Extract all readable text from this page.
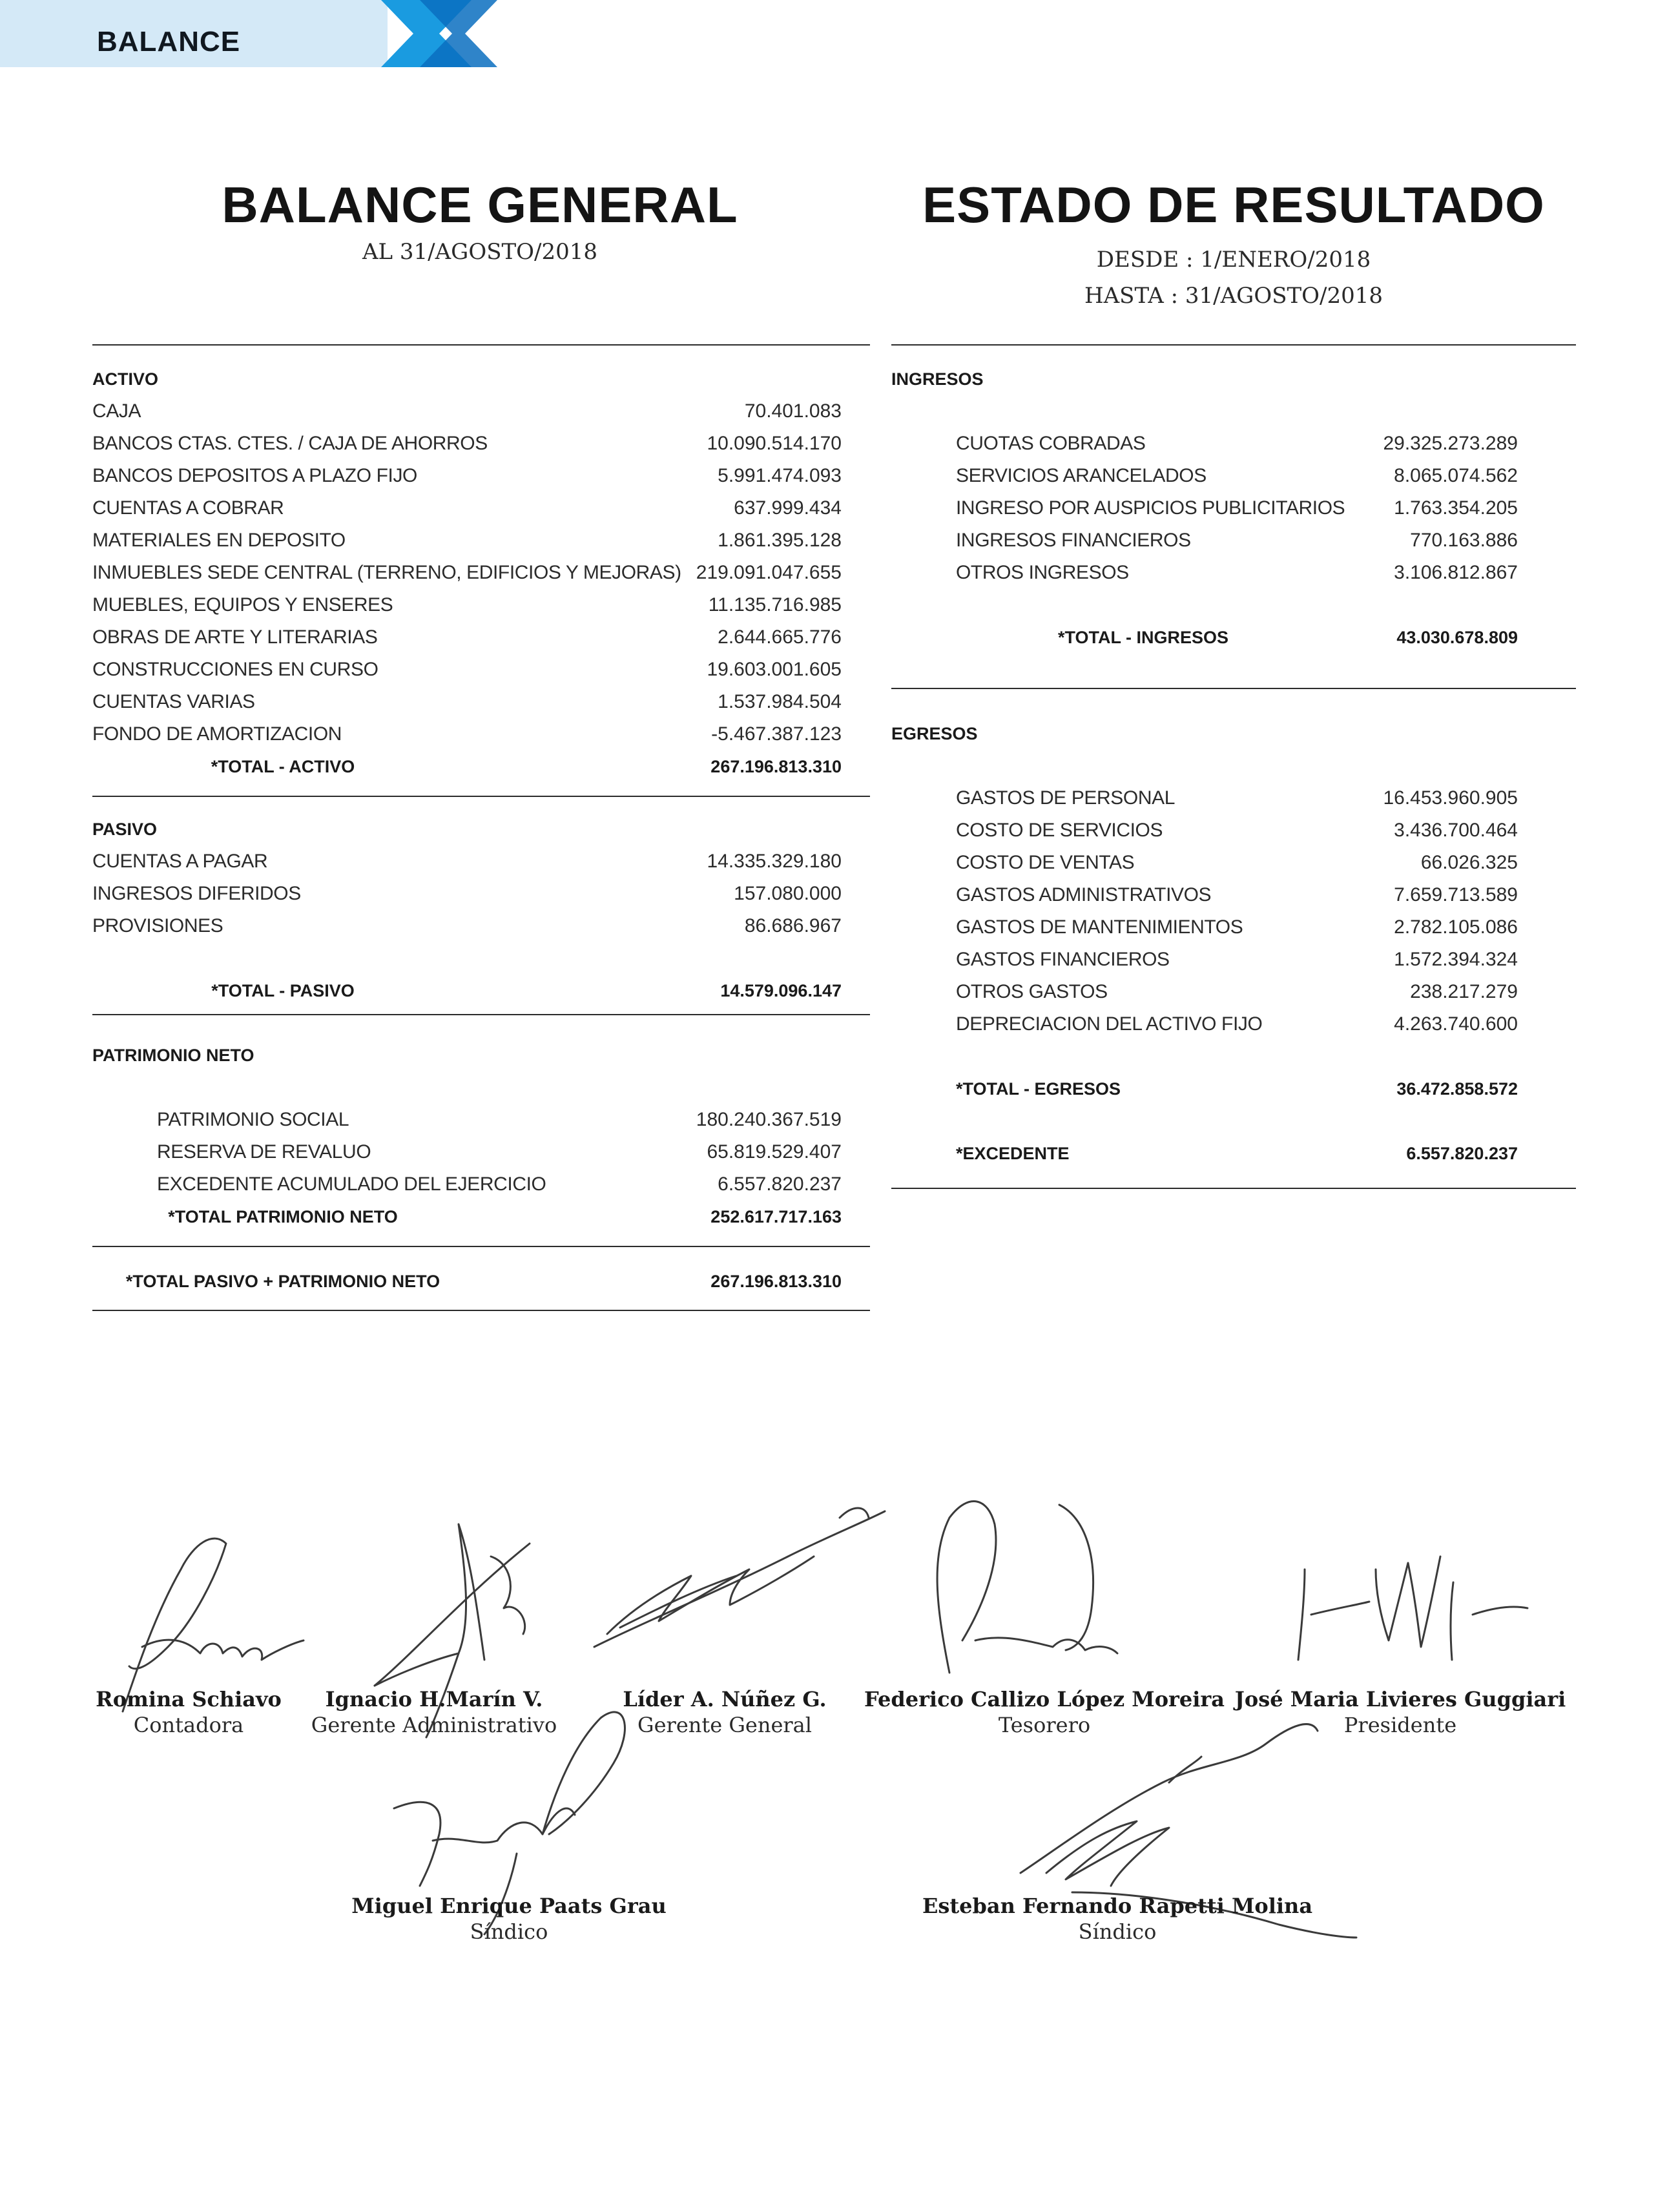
BALANCE
BALANCE GENERAL
AL 31/AGOSTO/2018
ESTADO DE RESULTADO
DESDE : 1/ENERO/2018
HASTA : 31/AGOSTO/2018
ACTIVO
CAJA	70.401.083
BANCOS CTAS. CTES. / CAJA DE AHORROS	10.090.514.170
BANCOS DEPOSITOS A PLAZO FIJO	5.991.474.093
CUENTAS A COBRAR	637.999.434
MATERIALES EN DEPOSITO	1.861.395.128
INMUEBLES SEDE CENTRAL (TERRENO, EDIFICIOS Y MEJORAS) 219.091.047.655
MUEBLES, EQUIPOS Y ENSERES	11.135.716.985
OBRAS DE ARTE Y LITERARIAS	2.644.665.776
CONSTRUCCIONES EN CURSO	19.603.001.605
CUENTAS VARIAS	1.537.984.504
FONDO DE AMORTIZACION	-5.467.387.123
*TOTAL - ACTIVO	267.196.813.310
PASIVO
CUENTAS A PAGAR	14.335.329.180
INGRESOS DIFERIDOS	157.080.000
PROVISIONES	86.686.967
*TOTAL - PASIVO	14.579.096.147
PATRIMONIO NETO
PATRIMONIO SOCIAL	180.240.367.519
RESERVA DE REVALUO	65.819.529.407
EXCEDENTE ACUMULADO DEL EJERCICIO	6.557.820.237
*TOTAL PATRIMONIO NETO	252.617.717.163
*TOTAL PASIVO + PATRIMONIO NETO	267.196.813.310
INGRESOS
CUOTAS COBRADAS	29.325.273.289
SERVICIOS ARANCELADOS	8.065.074.562
INGRESO POR AUSPICIOS PUBLICITARIOS	1.763.354.205
INGRESOS FINANCIEROS	770.163.886
OTROS INGRESOS	3.106.812.867
*TOTAL - INGRESOS	43.030.678.809
EGRESOS
GASTOS DE PERSONAL	16.453.960.905
COSTO DE SERVICIOS	3.436.700.464
COSTO DE VENTAS	66.026.325
GASTOS ADMINISTRATIVOS	7.659.713.589
GASTOS DE MANTENIMIENTOS	2.782.105.086
GASTOS FINANCIEROS	1.572.394.324
OTROS GASTOS	238.217.279
DEPRECIACION DEL ACTIVO FIJO	4.263.740.600
*TOTAL - EGRESOS	36.472.858.572
*EXCEDENTE	6.557.820.237
Romina Schiavo
Contadora
Ignacio H.Marín V.
Gerente Administrativo
Líder A. Núñez G.
Gerente General
Federico Callizo López Moreira
Tesorero
José Maria Livieres Guggiari
Presidente
Miguel Enrique Paats Grau
Síndico
Esteban Fernando Rapetti Molina
Síndico
